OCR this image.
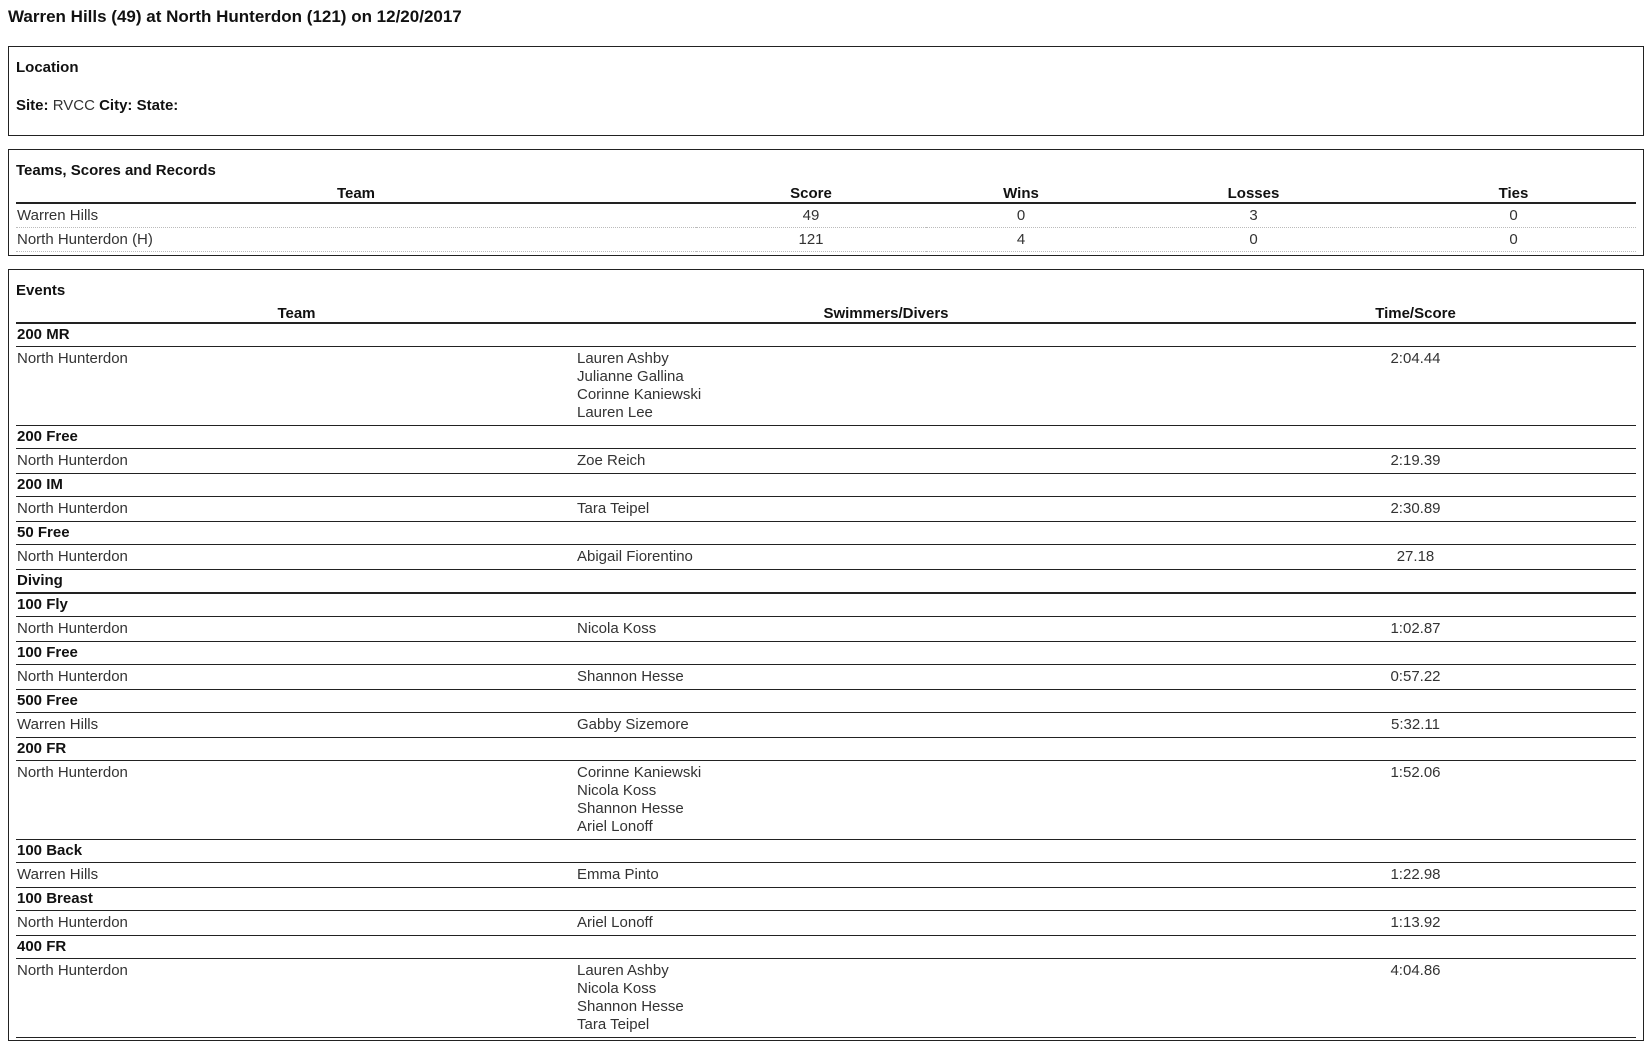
Warren Hills (49) at North Hunterdon (121) on 12/20/2017
Location
Site: RVCC City: State:
Teams, Scores and Records
Team	Score	Wins	Losses	Ties
Warren Hills	49	0	3	0
North Hunterdon (H)	121	4	0	0
Events
Team	Swimmers/Divers	Time/Score
200 MR		
North Hunterdon	Lauren Ashby
Julianne Gallina
Corinne Kaniewski
Lauren Lee	2:04.44
200 Free		
North Hunterdon	Zoe Reich	2:19.39
200 IM		
North Hunterdon	Tara Teipel	2:30.89
50 Free		
North Hunterdon	Abigail Fiorentino	27.18
Diving		
100 Fly		
North Hunterdon	Nicola Koss	1:02.87
100 Free		
North Hunterdon	Shannon Hesse	0:57.22
500 Free		
Warren Hills	Gabby Sizemore	5:32.11
200 FR		
North Hunterdon	Corinne Kaniewski
Nicola Koss
Shannon Hesse
Ariel Lonoff	1:52.06
100 Back		
Warren Hills	Emma Pinto	1:22.98
100 Breast		
North Hunterdon	Ariel Lonoff	1:13.92
400 FR		
North Hunterdon	Lauren Ashby
Nicola Koss
Shannon Hesse
Tara Teipel	4:04.86
